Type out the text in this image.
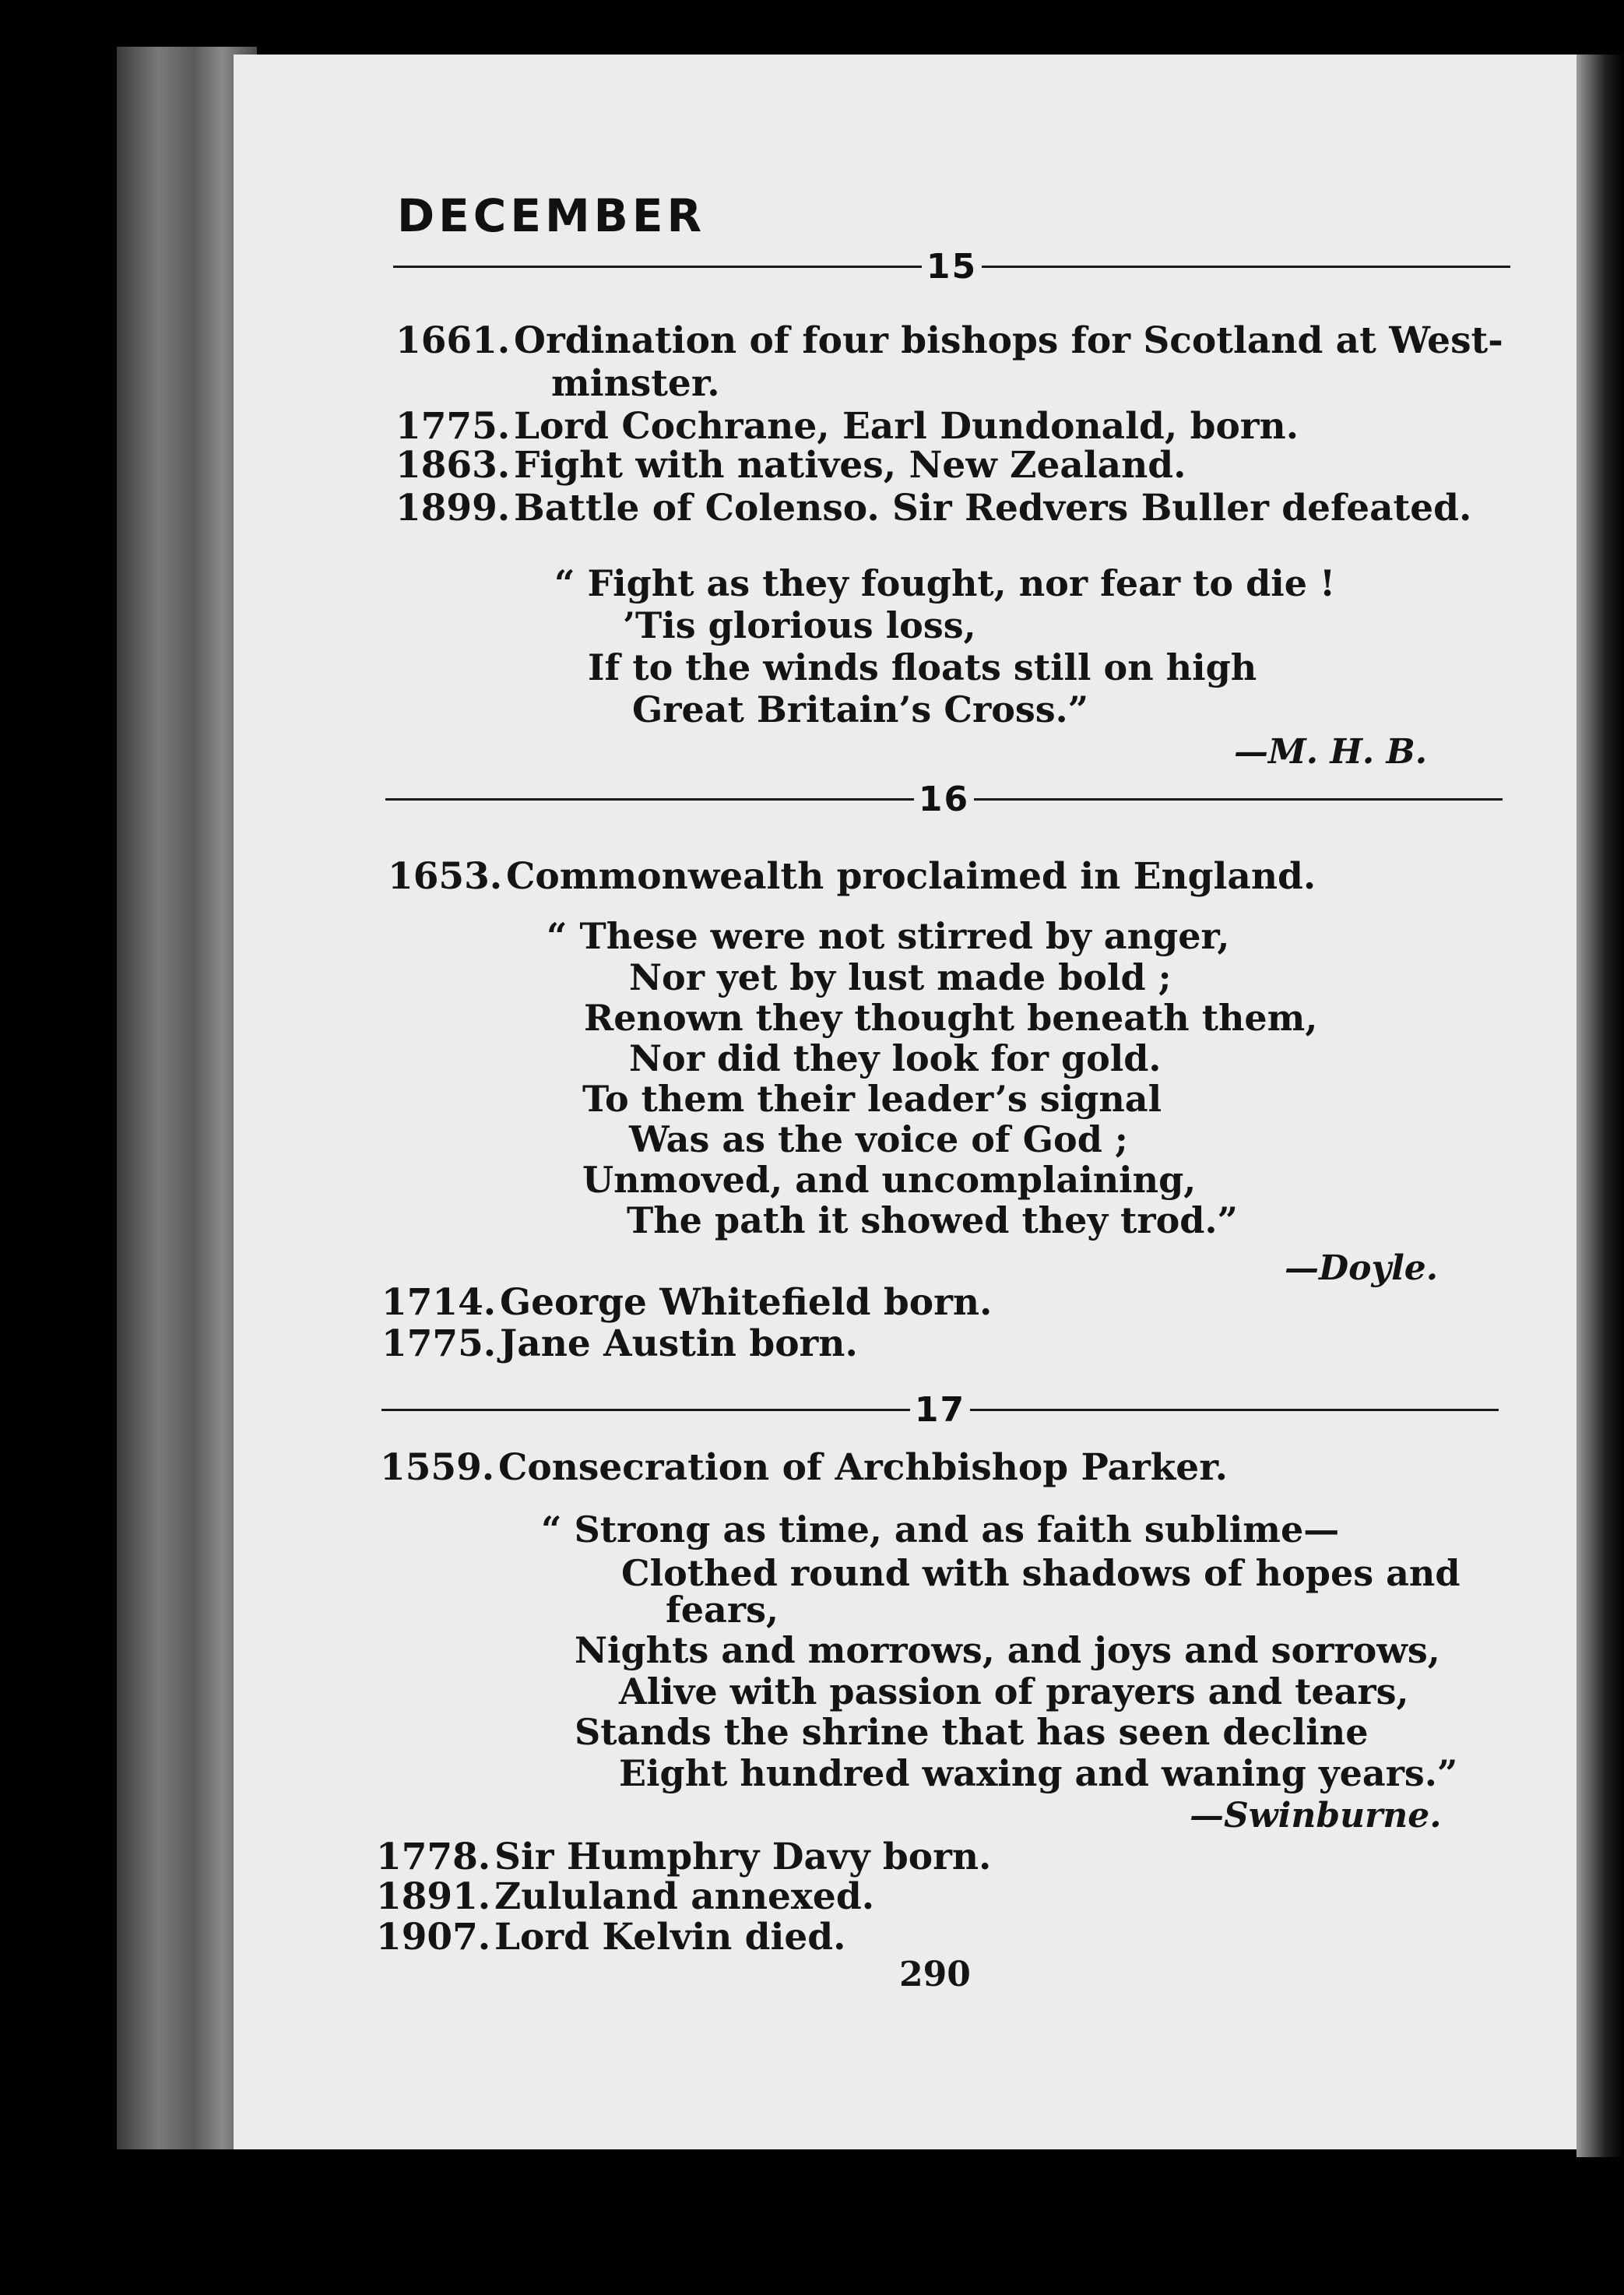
DECEMBER
15
1661. Ordination of four bishops for Scotland at West-
minster.
1775. Lord Cochrane, Earl Dundonald, born.
1863. Fight with natives, New Zealand.
1899. Battle of Colenso. Sir Redvers Buller defeated.
“ Fight as they fought, nor fear to die !
’Tis glorious loss,
If to the winds floats still on high
Great Britain’s Cross.”
—M. H. B.
16
1653. Commonwealth proclaimed in England.
“ These were not stirred by anger,
Nor yet by lust made bold ;
Renown they thought beneath them,
Nor did they look for gold.
To them their leader’s signal
Was as the voice of God ;
Unmoved, and uncomplaining,
The path it showed they trod.”
—Doyle.
1714. George Whitefield born.
1775. Jane Austin born.
17
1559. Consecration of Archbishop Parker.
“ Strong as time, and as faith sublime—
Clothed round with shadows of hopes and
fears,
Nights and morrows, and joys and sorrows,
Alive with passion of prayers and tears,
Stands the shrine that has seen decline
Eight hundred waxing and waning years.”
—Swinburne.
1778. Sir Humphry Davy born.
1891. Zululand annexed.
1907. Lord Kelvin died.
290
